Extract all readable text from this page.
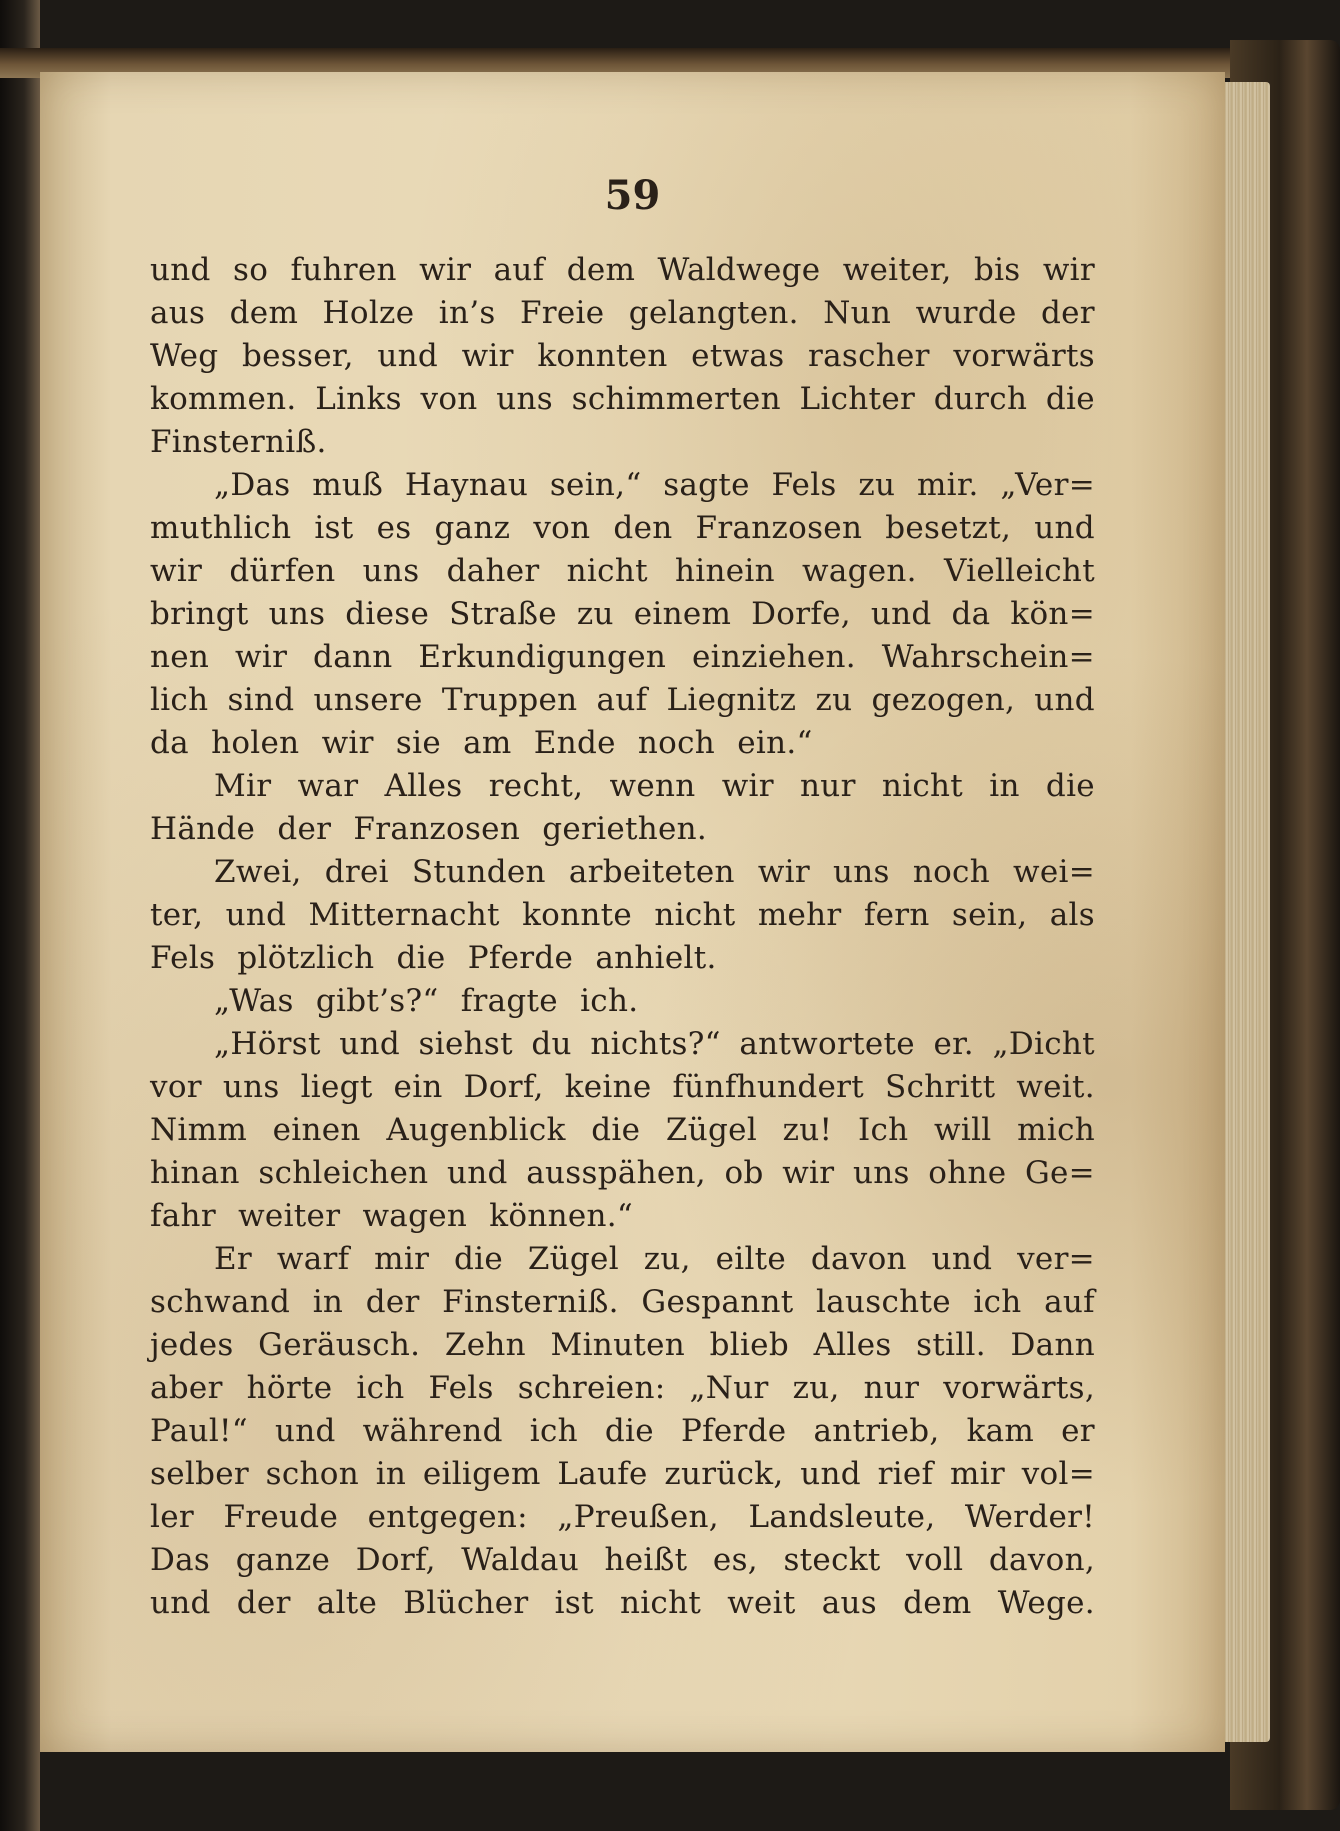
59
und so fuhren wir auf dem Waldwege weiter, bis wir
aus dem Holze in’s Freie gelangten. Nun wurde der
Weg besser, und wir konnten etwas rascher vorwärts
kommen. Links von uns schimmerten Lichter durch die
Finsterniß.
„Das muß Haynau sein,“ sagte Fels zu mir. „Ver=
muthlich ist es ganz von den Franzosen besetzt, und
wir dürfen uns daher nicht hinein wagen. Vielleicht
bringt uns diese Straße zu einem Dorfe, und da kön=
nen wir dann Erkundigungen einziehen. Wahrschein=
lich sind unsere Truppen auf Liegnitz zu gezogen, und
da holen wir sie am Ende noch ein.“
Mir war Alles recht, wenn wir nur nicht in die
Hände der Franzosen geriethen.
Zwei, drei Stunden arbeiteten wir uns noch wei=
ter, und Mitternacht konnte nicht mehr fern sein, als
Fels plötzlich die Pferde anhielt.
„Was gibt’s?“ fragte ich.
„Hörst und siehst du nichts?“ antwortete er. „Dicht
vor uns liegt ein Dorf, keine fünfhundert Schritt weit.
Nimm einen Augenblick die Zügel zu! Ich will mich
hinan schleichen und ausspähen, ob wir uns ohne Ge=
fahr weiter wagen können.“
Er warf mir die Zügel zu, eilte davon und ver=
schwand in der Finsterniß. Gespannt lauschte ich auf
jedes Geräusch. Zehn Minuten blieb Alles still. Dann
aber hörte ich Fels schreien: „Nur zu, nur vorwärts,
Paul!“ und während ich die Pferde antrieb, kam er
selber schon in eiligem Laufe zurück, und rief mir vol=
ler Freude entgegen: „Preußen, Landsleute, Werder!
Das ganze Dorf, Waldau heißt es, steckt voll davon,
und der alte Blücher ist nicht weit aus dem Wege.
